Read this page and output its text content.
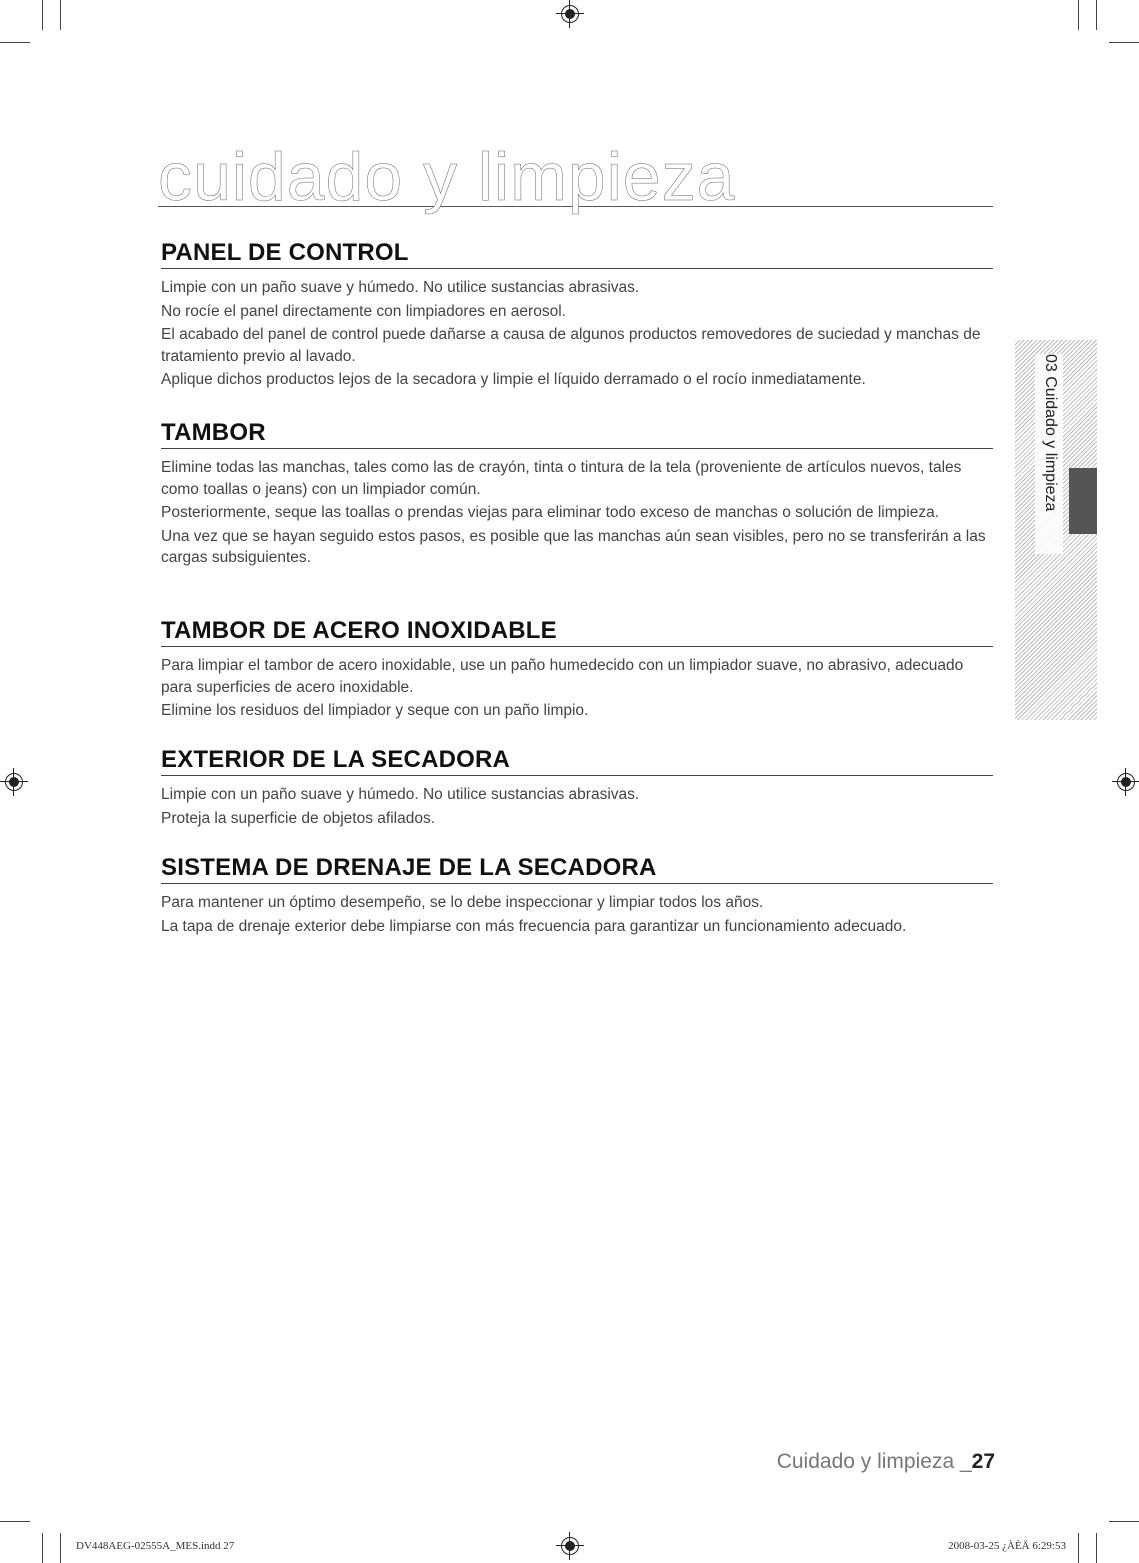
cuidado y limpieza
PANEL DE CONTROL

Limpie con un paño suave y húmedo. No utilice sustancias abrasivas.

No rocíe el panel directamente con limpiadores en aerosol.

El acabado del panel de control puede dañarse a causa de algunos productos removedores de suciedad y manchas de tratamiento previo al lavado.

Aplique dichos productos lejos de la secadora y limpie el líquido derramado o el rocío inmediatamente.

TAMBOR

Elimine todas las manchas, tales como las de crayón, tinta o tintura de la tela (proveniente de artículos nuevos, tales como toallas o jeans) con un limpiador común.

Posteriormente, seque las toallas o prendas viejas para eliminar todo exceso de manchas o solución de limpieza.

Una vez que se hayan seguido estos pasos, es posible que las manchas aún sean visibles, pero no se transferirán a las cargas subsiguientes.

TAMBOR DE ACERO INOXIDABLE

Para limpiar el tambor de acero inoxidable, use un paño humedecido con un limpiador suave, no abrasivo, adecuado para superficies de acero inoxidable.

Elimine los residuos del limpiador y seque con un paño limpio.

EXTERIOR DE LA SECADORA

Limpie con un paño suave y húmedo. No utilice sustancias abrasivas.

Proteja la superficie de objetos afilados.

SISTEMA DE DRENAJE DE LA SECADORA

Para mantener un óptimo desempeño, se lo debe inspeccionar y limpiar todos los años.

La tapa de drenaje exterior debe limpiarse con más frecuencia para garantizar un funcionamiento adecuado.

03 Cuidado y limpieza
Cuidado y limpieza _27
DV448AEG-02555A_MES.indd 27	2008-03-25 ¿ÀÈÄ 6:29:53
